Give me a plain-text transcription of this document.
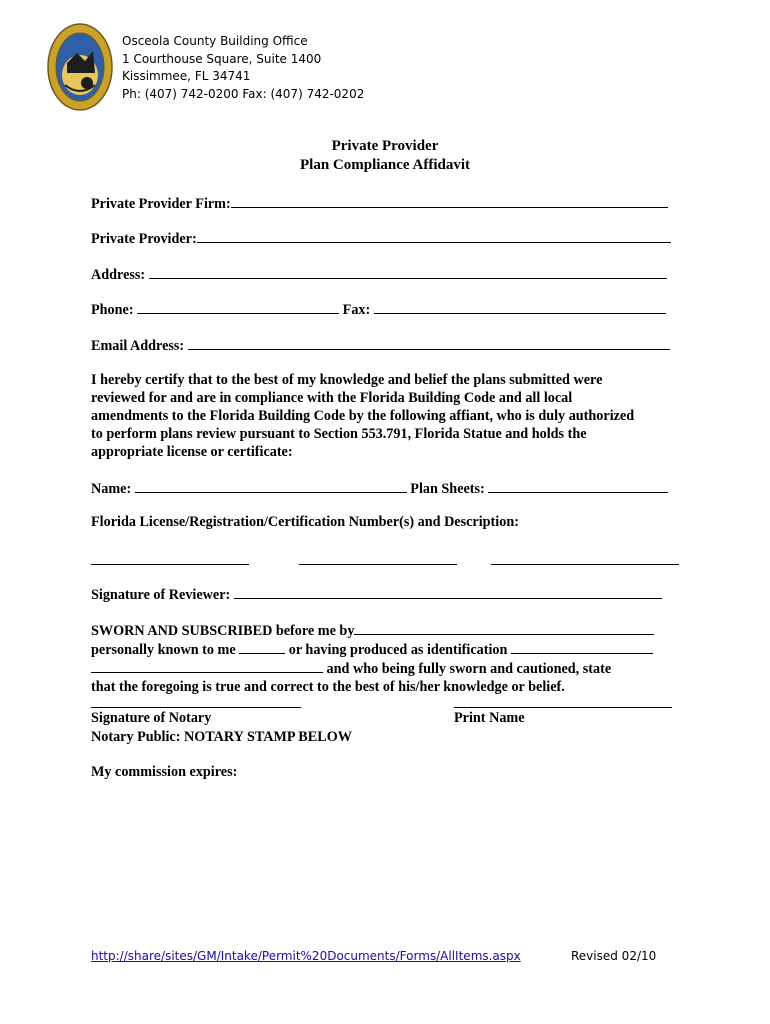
Osceola County Building Office
1 Courthouse Square, Suite 1400
Kissimmee, FL 34741
Ph: (407) 742-0200 Fax: (407) 742-0202
Private Provider
Plan Compliance Affidavit
Private Provider Firm:
Private Provider:
Address:
Phone:	Fax:
Email Address:
I hereby certify that to the best of my knowledge and belief the plans submitted were
reviewed for and are in compliance with the Florida Building Code and all local
amendments to the Florida Building Code by the following affiant, who is duly authorized
to perform plans review pursuant to Section 553.791, Florida Statue and holds the
appropriate license or certificate:
Name:	Plan Sheets:
Florida License/Registration/Certification Number(s) and Description:
Signature of Reviewer:
SWORN AND SUBSCRIBED before me by
personally known to me	or having produced as identification
and who being fully sworn and cautioned, state
that the foregoing is true and correct to the best of his/her knowledge or belief.
Signature of Notary	Print Name
Notary Public: NOTARY STAMP BELOW
My commission expires:
http://share/sites/GM/Intake/Permit%20Documents/Forms/AllItems.aspx	Revised 02/10
